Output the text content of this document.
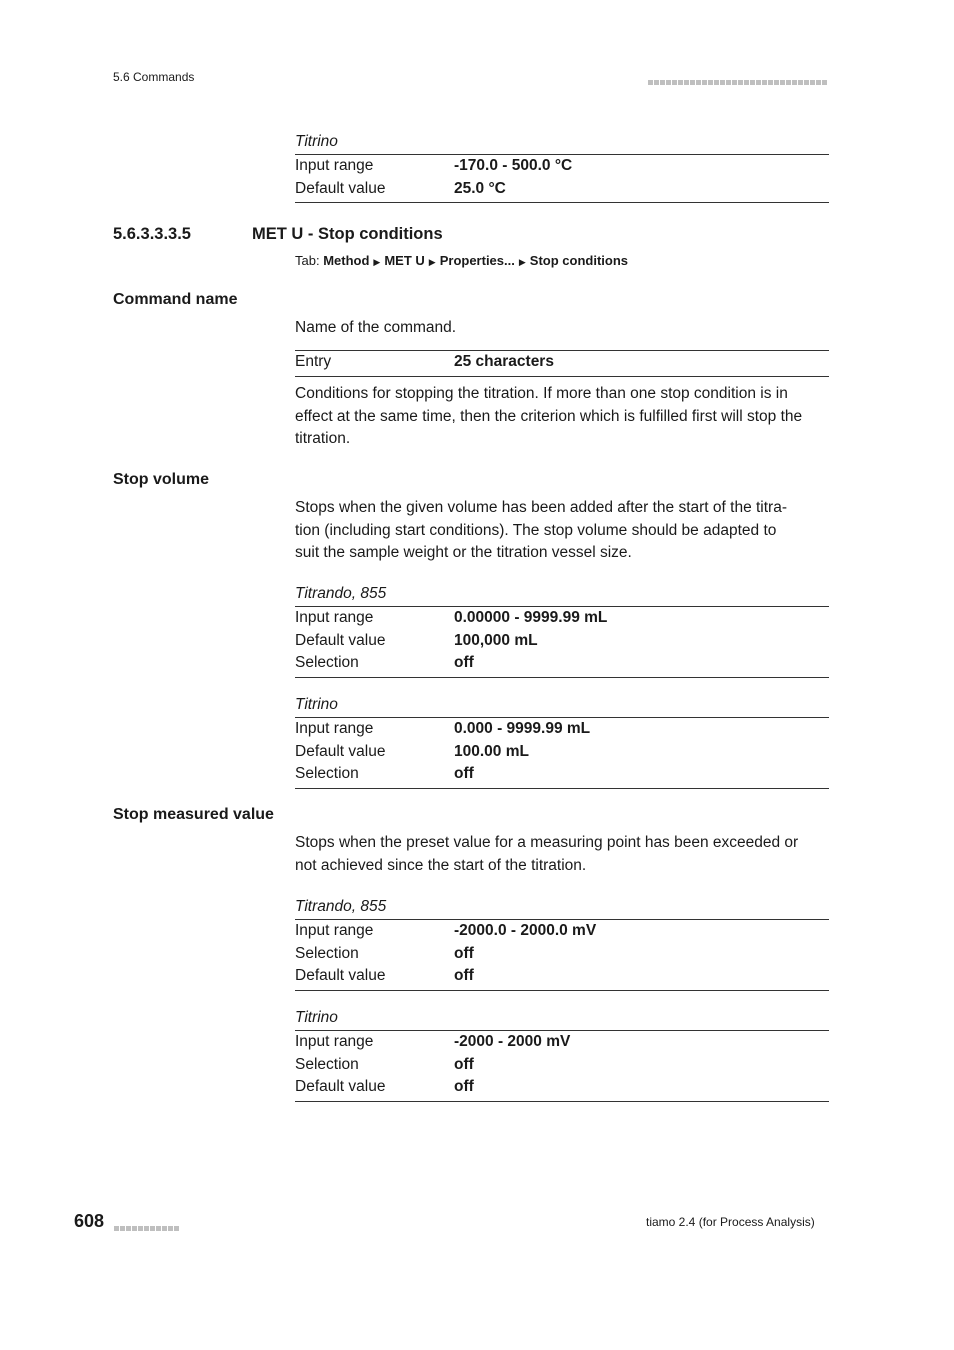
5.6 Commands
Titrino
Input range	-170.0 - 500.0 °C
Default value	25.0 °C
5.6.3.3.3.5	MET U - Stop conditions
Tab: Method ▶ MET U ▶ Properties... ▶ Stop conditions
Command name

Name of the command.

Entry	25 characters

Conditions for stopping the titration. If more than one stop condition is in effect at the same time, then the criterion which is fulfilled first will stop the titration.

Stop volume
Stops when the given volume has been added after the start of the titra-
tion (including start conditions). The stop volume should be adapted to
suit the sample weight or the titration vessel size.
Titrando, 855
Input range	0.00000 - 9999.99 mL
Default value	100,000 mL
Selection	off
Titrino
Input range	0.000 - 9999.99 mL
Default value	100.00 mL
Selection	off
Stop measured value
Stops when the preset value for a measuring point has been exceeded or
not achieved since the start of the titration.
Titrando, 855
Input range	-2000.0 - 2000.0 mV
Selection	off
Default value	off
Titrino
Input range	-2000 - 2000 mV
Selection	off
Default value	off
608	tiamo 2.4 (for Process Analysis)
